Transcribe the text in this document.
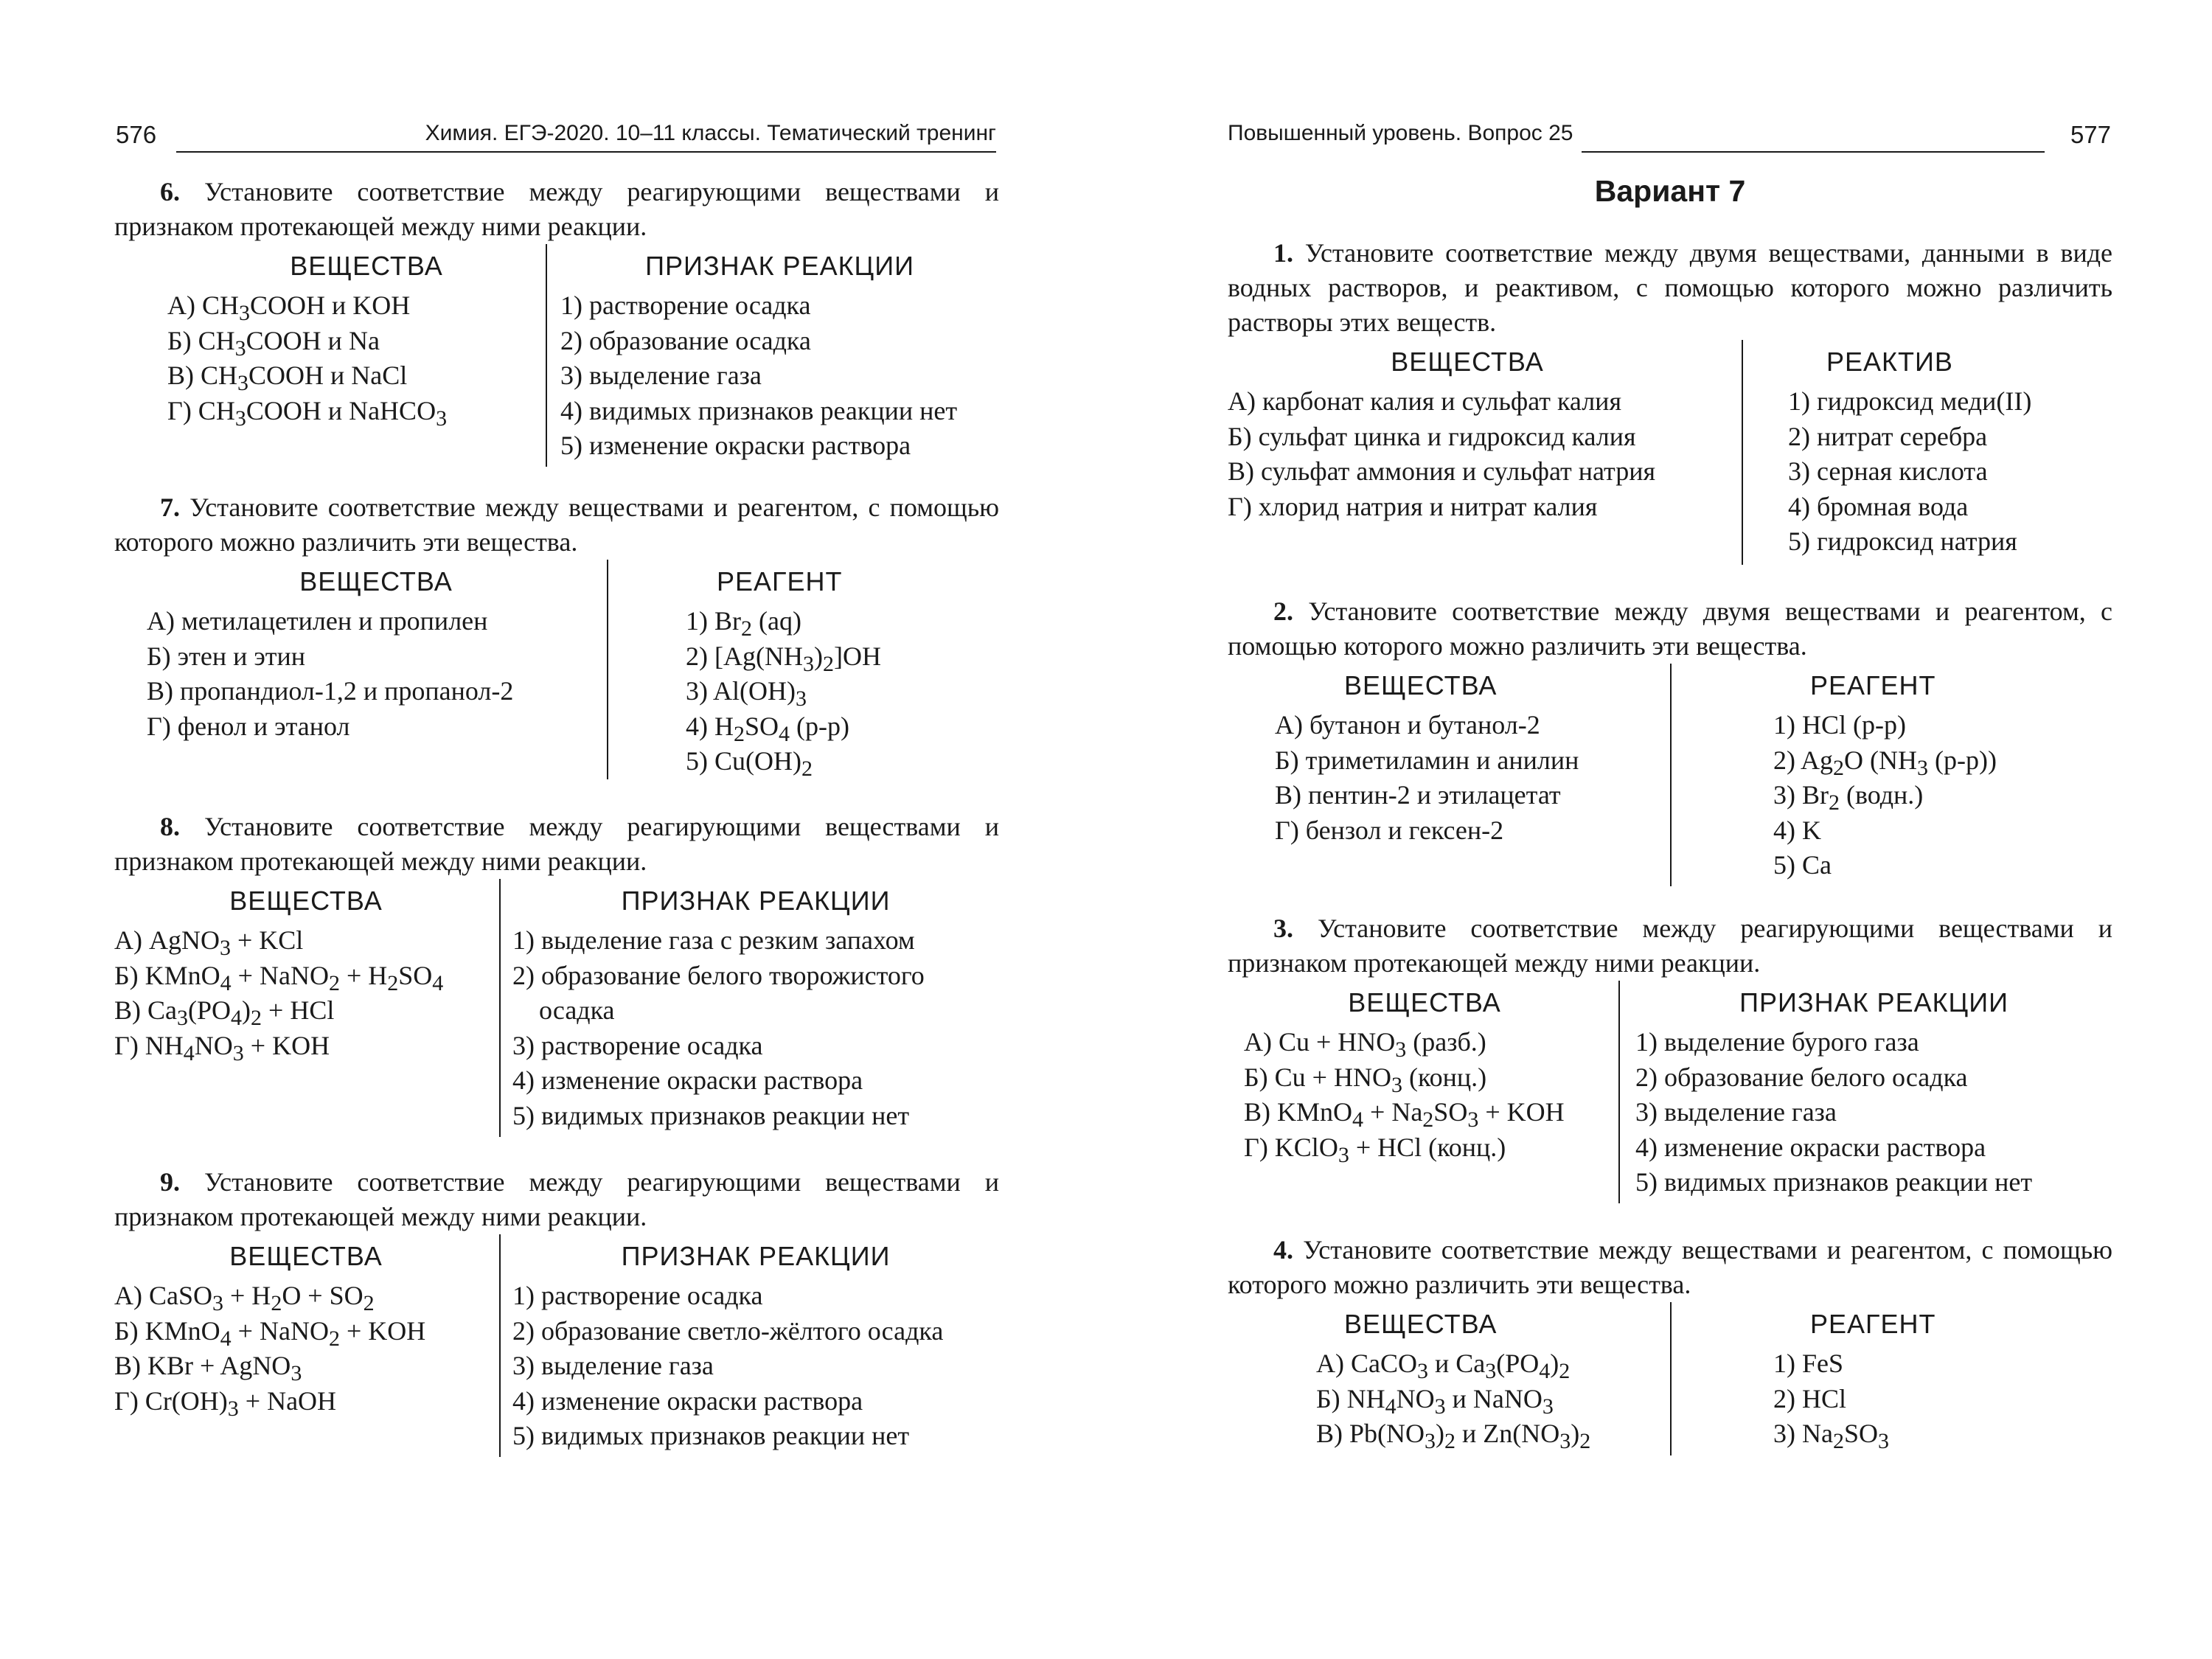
576	Химия. ЕГЭ-2020. 10–11 классы. Тематический тренинг

6. Установите соответствие между реагирующими веществами и признаком протекающей между ними реакции.

ВЕЩЕСТВА
А) $CH_3COOH$ и KOH
Б) $CH_3COOH$ и Na
В) $CH_3COOH$ и NaCl
Г) $CH_3COOH$ и NaHCO$_3$
ПРИЗНАК РЕАКЦИИ
1) растворение осадка
2) образование осадка
3) выделение газа
4) видимых признаков реакции нет
5) изменение окраски раствора

7. Установите соответствие между веществами и реагентом, с помощью которого можно различить эти вещества.

ВЕЩЕСТВА
А) метилацетилен и пропилен
Б) этен и этин
В) пропандиол-1,2 и пропанол-2
Г) фенол и этанол
РЕАГЕНТ
1) $Br_2$ (aq)
2) $[Ag(NH_3)_2]OH$
3) $Al(OH)_3$
4) $H_2SO_4$ (р-р)
5) $Cu(OH)_2$

8. Установите соответствие между реагирующими веществами и признаком протекающей между ними реакции.

ВЕЩЕСТВА
А) AgNO$_3$ + KCl
Б) KMnO$_4$ + NaNO$_2$ + $H_2SO_4$
В) $Ca_3(PO_4)_2$ + HCl
Г) $NH_4NO_3$ + KOH
ПРИЗНАК РЕАКЦИИ
1) выделение газа с резким запахом
2) образование белого творожистого
осадка
3) растворение осадка
4) изменение окраски раствора
5) видимых признаков реакции нет

9. Установите соответствие между реагирующими веществами и признаком протекающей между ними реакции.

ВЕЩЕСТВА
А) CaSO$_3$ + $H_2O + SO_2$
Б) KMnO$_4$ + NaNO$_2$ + KOH
В) KBr + AgNO$_3$
Г) $Cr(OH)_3$ + NaOH
ПРИЗНАК РЕАКЦИИ
1) растворение осадка
2) образование светло-жёлтого осадка
3) выделение газа
4) изменение окраски раствора
5) видимых признаков реакции нет
Повышенный уровень. Вопрос 25	577
Вариант 7

1. Установите соответствие между двумя веществами, данными в виде водных растворов, и реактивом, с помощью которого можно различить растворы этих веществ.

ВЕЩЕСТВА
А) карбонат калия и сульфат калия
Б) сульфат цинка и гидроксид калия
В) сульфат аммония и сульфат натрия
Г) хлорид натрия и нитрат калия
РЕАКТИВ
1) гидроксид меди(II)
2) нитрат серебра
3) серная кислота
4) бромная вода
5) гидроксид натрия

2. Установите соответствие между двумя веществами и реагентом, с помощью которого можно различить эти вещества.

ВЕЩЕСТВА
А) бутанон и бутанол-2
Б) триметиламин и анилин
В) пентин-2 и этилацетат
Г) бензол и гексен-2
РЕАГЕНТ
1) HCl (р-р)
2) $Ag_2O$ ($NH_3$ (р-р))
3) $Br_2$ (водн.)
4) K
5) Ca

3. Установите соответствие между реагирующими веществами и признаком протекающей между ними реакции.

ВЕЩЕСТВА
А) $Cu + HNO_3$ (разб.)
Б) $Cu + HNO_3$ (конц.)
В) KMnO$_4$ + $Na_2SO_3$ + KOH
Г) KClO$_3$ + HCl (конц.)
ПРИЗНАК РЕАКЦИИ
1) выделение бурого газа
2) образование белого осадка
3) выделение газа
4) изменение окраски раствора
5) видимых признаков реакции нет

4. Установите соответствие между веществами и реагентом, с помощью которого можно различить эти вещества.

ВЕЩЕСТВА
А) CaCO$_3$ и $Ca_3(PO_4)_2$
Б) $NH_4NO_3$ и NaNO$_3$
В) $Pb(NO_3)_2$ и $Zn(NO_3)_2$
РЕАГЕНТ
1) FeS
2) HCl
3) $Na_2SO_3$
